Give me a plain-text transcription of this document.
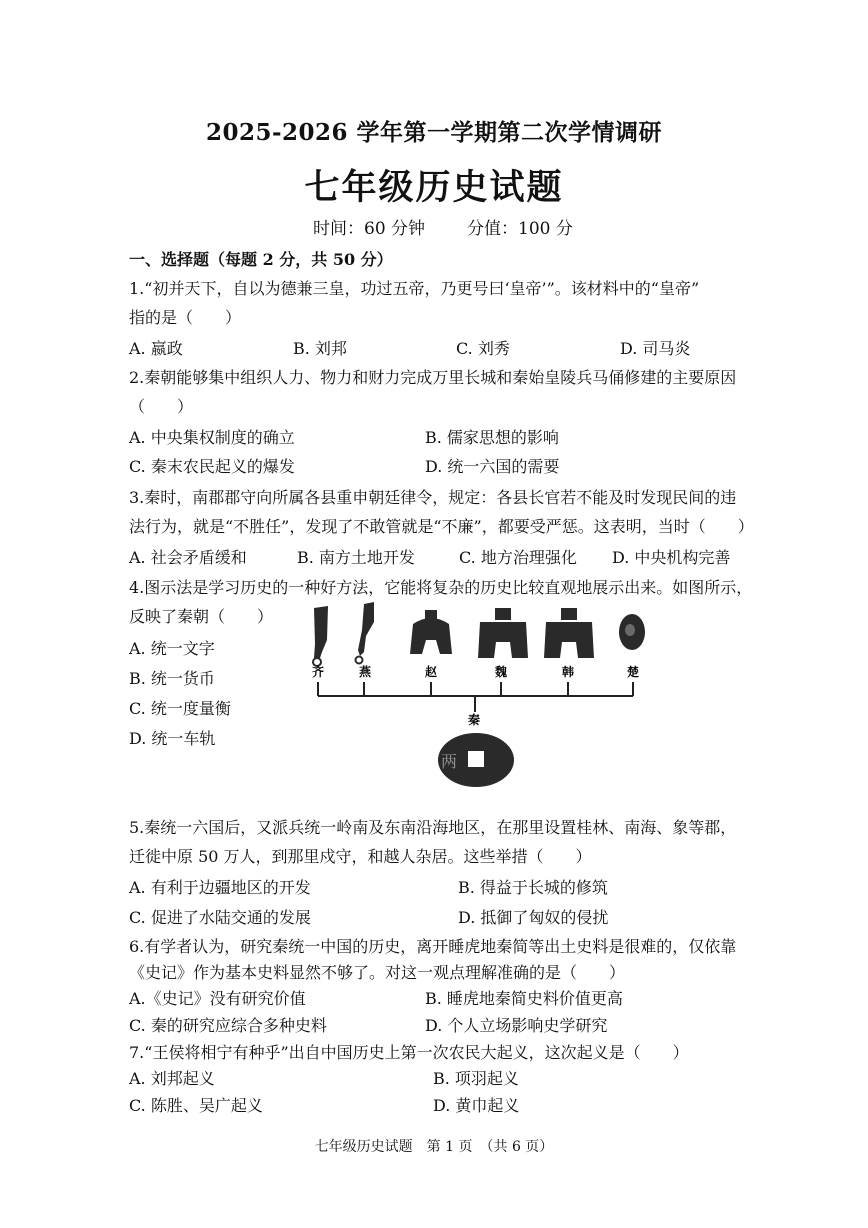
2025-2026 学年第一学期第二次学情调研
七年级历史试题
时间：60 分钟 分值：100 分
一、选择题（每题 2 分，共 50 分）
1.“初并天下，自以为德兼三皇，功过五帝，乃更号曰‘皇帝’”。该材料中的“皇帝”
指的是（　　）
A. 嬴政	B. 刘邦	C. 刘秀	D. 司马炎
2.秦朝能够集中组织人力、物力和财力完成万里长城和秦始皇陵兵马俑修建的主要原因
（　　）
A. 中央集权制度的确立	B. 儒家思想的影响
C. 秦末农民起义的爆发	D. 统一六国的需要
3.秦时，南郡郡守向所属各县重申朝廷律令，规定：各县长官若不能及时发现民间的违
法行为，就是“不胜任”，发现了不敢管就是“不廉”，都要受严惩。这表明，当时（　　）
A. 社会矛盾缓和	B. 南方土地开发	C. 地方治理强化 D. 中央机构完善
4.图示法是学习历史的一种好方法，它能将复杂的历史比较直观地展示出来。如图所示，
反映了秦朝（　　）
A. 统一文字
B. 统一货币
C. 统一度量衡
D. 统一车轨
齐	燕	赵	魏	韩	楚
秦
两
5.秦统一六国后，又派兵统一岭南及东南沿海地区，在那里设置桂林、南海、象等郡，
迁徙中原 50 万人，到那里戍守，和越人杂居。这些举措（　　）
A. 有利于边疆地区的开发	B. 得益于长城的修筑
C. 促进了水陆交通的发展	D. 抵御了匈奴的侵扰
6.有学者认为，研究秦统一中国的历史，离开睡虎地秦简等出土史料是很难的，仅依靠
《史记》作为基本史料显然不够了。对这一观点理解准确的是（　　）
A.《史记》没有研究价值	B. 睡虎地秦简史料价值更高
C. 秦的研究应综合多种史料	D. 个人立场影响史学研究
7.“王侯将相宁有种乎”出自中国历史上第一次农民大起义，这次起义是（　　）
A. 刘邦起义	B. 项羽起义
C. 陈胜、吴广起义	D. 黄巾起义
七年级历史试题　第 1 页　（共 6 页）
